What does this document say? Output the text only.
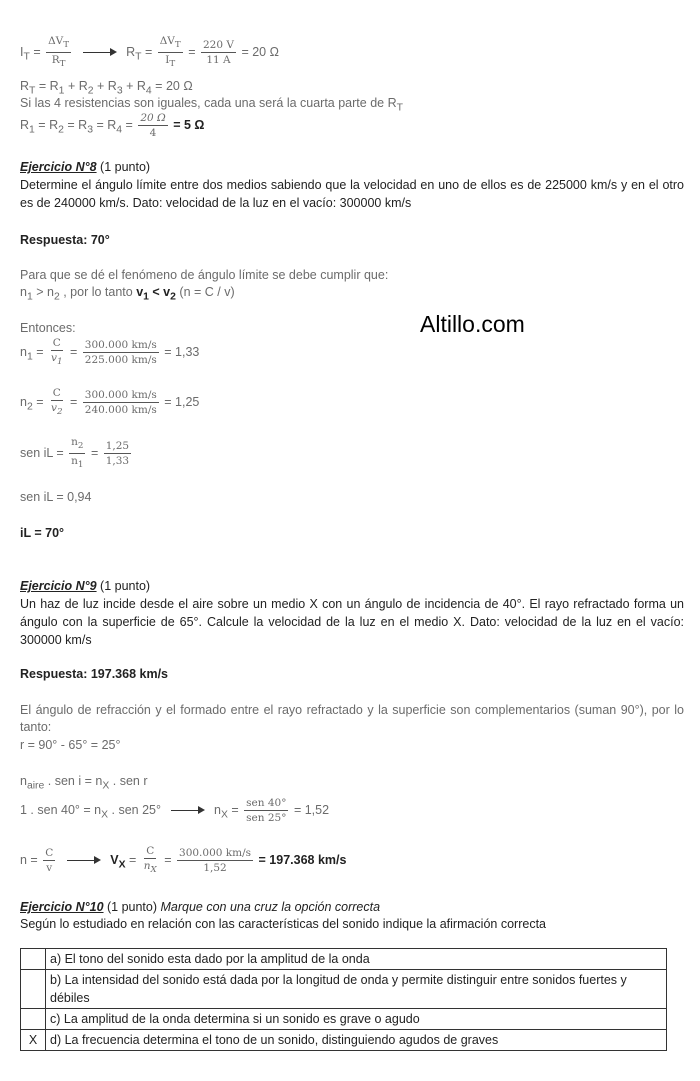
Altillo.com
$I_T = \frac{\Delta V_T}{R_T}$	$R_T = \frac{\Delta V_T}{I_T} = \frac{220 V}{11 A} = 20$ Ω
$R_T = R_1 + R_2 + R_3 + R_4 = 20$ Ω
Si las 4 resistencias son iguales, cada una será la cuarta parte de $R_T$
$R_1 = R_2 = R_3 = R_4 = \frac{20 \Omega}{4} = 5$ Ω
Ejercicio N°8 (1 punto)
Determine el ángulo límite entre dos medios sabiendo que la velocidad en uno de ellos es de 225000 km/s y en el otro es de 240000 km/s. Dato: velocidad de la luz en el vacío: 300000 km/s
Respuesta: 70°
Para que se dé el fenómeno de ángulo límite se debe cumplir que:
$n_1 > n_2$ , por lo tanto $v_1 < v_2$ (n = C / v)
Entonces:
$n_1 = \frac{C}{v_1} = \frac{300.000 km/s}{225.000 km/s} = 1,33$
$n_2 = \frac{C}{v_2} = \frac{300.000 km/s}{240.000 km/s} = 1,25$
sen iL = $\frac{n_2}{n_1} = \frac{1,25}{1,33}$
sen iL = 0,94
iL = 70°
Ejercicio N°9 (1 punto)
Un haz de luz incide desde el aire sobre un medio X con un ángulo de incidencia de 40°. El rayo refractado forma un ángulo con la superficie de 65°. Calcule la velocidad de la luz en el medio X. Dato: velocidad de la luz en el vacío: 300000 km/s
Respuesta: 197.368 km/s
El ángulo de refracción y el formado entre el rayo refractado y la superficie son complementarios (suman 90°), por lo tanto:
r = 90° - 65° = 25°
$n_{aire}$ . sen $i = n_X$ . sen r
1 . sen $40^\circ = n_X$ . sen 25°	$n_X = \frac{\text{sen 40°}}{\text{sen 25°}} = 1,52$
$n = \frac{C}{v}$	$V_X = \frac{C}{n_X} = \frac{300.000 km/s}{1,52} = 197.368$ km/s
Ejercicio N°10 (1 punto) Marque con una cruz la opción correcta
Según lo estudiado en relación con las características del sonido indique la afirmación correcta
	a) El tono del sonido esta dado por la amplitud de la onda
	b) La intensidad del sonido está dada por la longitud de onda y permite distinguir entre sonidos fuertes y débiles
	c) La amplitud de la onda determina si un sonido es grave o agudo
X	d) La frecuencia determina el tono de un sonido, distinguiendo agudos de graves
